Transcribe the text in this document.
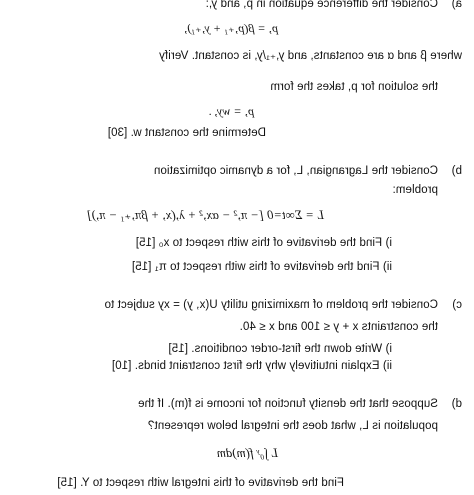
a)
Consider the difference equation in p, and y,:
p, = β(p,₊₁ + y,₊₁),
where β and α are constants, and y,₊₁/y, is constant. Verify
the solution for p, takes the form
p, = wy, .
Determine the constant w. [30]
b)
Consider the Lagrangian, L, for a dynamic optimization
problem:
L = Σ∞t=0 [− π,² − αx,² + λ,(x, + βπ,₊₁ − π,)]
i) Find the derivative of this with respect to x₀ [15]
ii) Find the derivative of this with respect to π₁ [15]
c)
Consider the problem of maximizing utility U(x, y) = xy subject to
the constraints x + y ≤ 100 and x ≤ 40.
i) Write down the first-order conditions. [15]
ii) Explain intuitively why the first constraint binds. [10]
d)
Suppose that the density function for income is f(m). If the
population is L, what does the integral below represent?
L ∫₀ʸ f(m)dm
Find the derivative of this integral with respect to Y. [15]
